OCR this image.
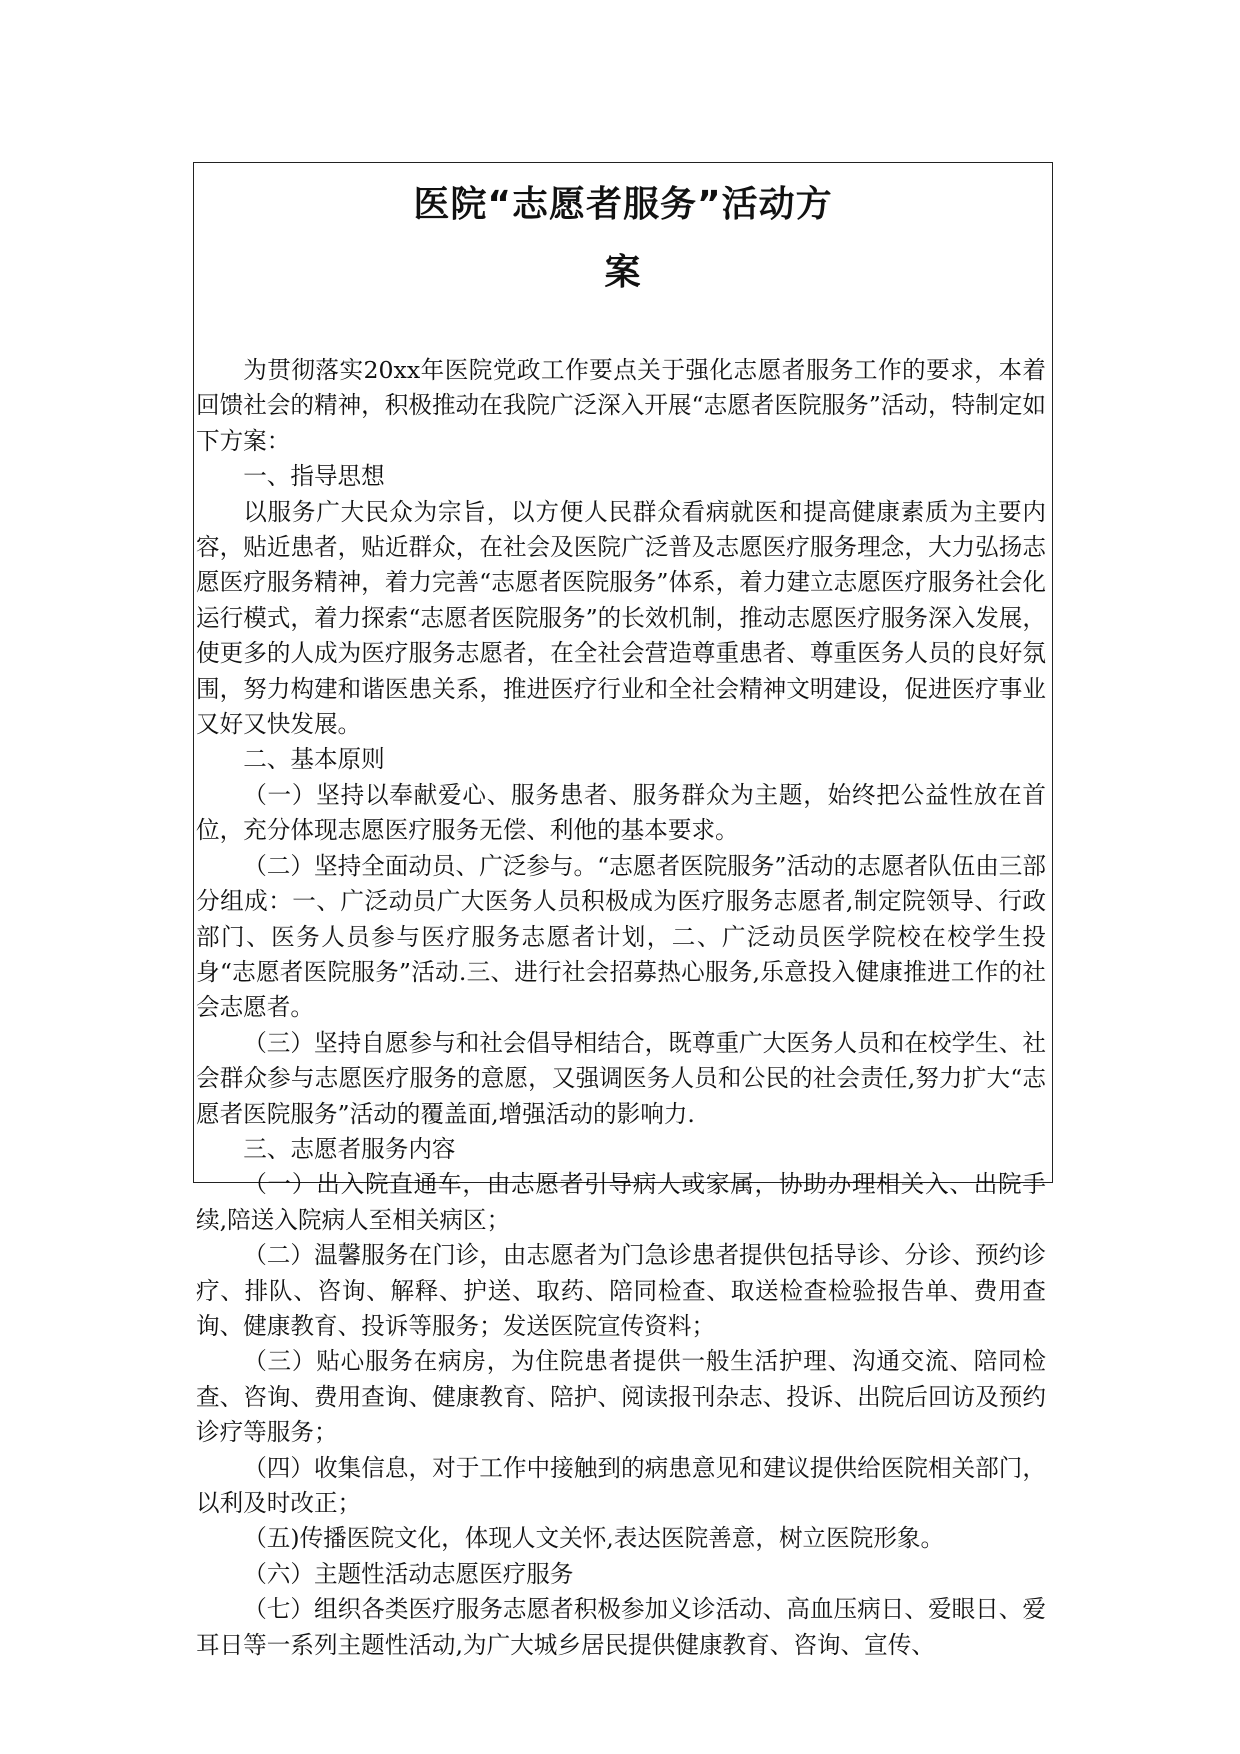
医院“志愿者服务”活动方
案

为贯彻落实20xx年医院党政工作要点关于强化志愿者服务工作的要求，本着回馈社会的精神，积极推动在我院广泛深入开展“志愿者医院服务”活动，特制定如下方案：

一、指导思想

以服务广大民众为宗旨，以方便人民群众看病就医和提高健康素质为主要内容，贴近患者，贴近群众，在社会及医院广泛普及志愿医疗服务理念，大力弘扬志愿医疗服务精神，着力完善“志愿者医院服务”体系，着力建立志愿医疗服务社会化运行模式，着力探索“志愿者医院服务”的长效机制，推动志愿医疗服务深入发展，使更多的人成为医疗服务志愿者，在全社会营造尊重患者、尊重医务人员的良好氛围，努力构建和谐医患关系，推进医疗行业和全社会精神文明建设，促进医疗事业又好又快发展。

二、基本原则

（一）坚持以奉献爱心、服务患者、服务群众为主题，始终把公益性放在首位，充分体现志愿医疗服务无偿、利他的基本要求。

（二）坚持全面动员、广泛参与。“志愿者医院服务”活动的志愿者队伍由三部分组成：一、广泛动员广大医务人员积极成为医疗服务志愿者,制定院领导、行政部门、医务人员参与医疗服务志愿者计划，二、广泛动员医学院校在校学生投身“志愿者医院服务”活动.三、进行社会招募热心服务,乐意投入健康推进工作的社会志愿者。

（三）坚持自愿参与和社会倡导相结合，既尊重广大医务人员和在校学生、社会群众参与志愿医疗服务的意愿，又强调医务人员和公民的社会责任,努力扩大“志愿者医院服务”活动的覆盖面,增强活动的影响力.

三、志愿者服务内容

（一）出入院直通车，由志愿者引导病人或家属，协助办理相关入、出院手续,陪送入院病人至相关病区；

（二）温馨服务在门诊，由志愿者为门急诊患者提供包括导诊、分诊、预约诊疗、排队、咨询、解释、护送、取药、陪同检查、取送检查检验报告单、费用查询、健康教育、投诉等服务；发送医院宣传资料；

（三）贴心服务在病房，为住院患者提供一般生活护理、沟通交流、陪同检查、咨询、费用查询、健康教育、陪护、阅读报刊杂志、投诉、出院后回访及预约诊疗等服务；

（四）收集信息，对于工作中接触到的病患意见和建议提供给医院相关部门，以利及时改正；

（五)传播医院文化，体现人文关怀,表达医院善意，树立医院形象。

（六）主题性活动志愿医疗服务

（七）组织各类医疗服务志愿者积极参加义诊活动、高血压病日、爱眼日、爱耳日等一系列主题性活动,为广大城乡居民提供健康教育、咨询、宣传、
